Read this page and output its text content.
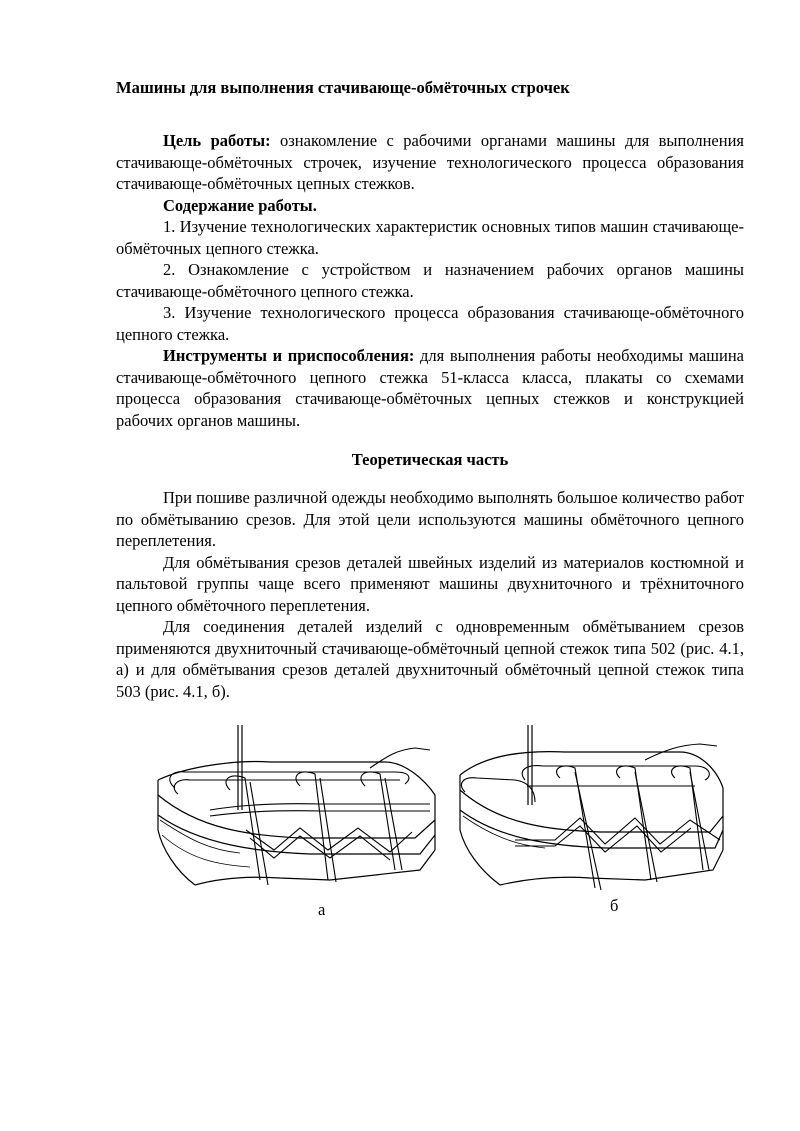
Машины для выполнения стачивающе-обмёточных строчек

Цель работы: ознакомление с рабочими органами машины для выполнения стачивающе-обмёточных строчек, изучение технологического процесса образования стачивающе-обмёточных цепных стежков.

Содержание работы.

1. Изучение технологических характеристик основных типов машин стачивающе-обмёточных цепного стежка.

2. Ознакомление с устройством и назначением рабочих органов машины стачивающе-обмёточного цепного стежка.

3. Изучение технологического процесса образования стачивающе-обмёточного цепного стежка.

Инструменты и приспособления: для выполнения работы необходимы машина стачивающе-обмёточного цепного стежка 51-класса класса, плакаты со схемами процесса образования стачивающе-обмёточных цепных стежков и конструкцией рабочих органов машины.

Теоретическая часть

При пошиве различной одежды необходимо выполнять большое количество работ по обмётыванию срезов. Для этой цели используются машины обмёточного цепного переплетения.

Для обмётывания срезов деталей швейных изделий из материалов костюмной и пальтовой группы чаще всего применяют машины двухниточного и трёхниточного цепного обмёточного переплетения.

Для соединения деталей изделий с одновременным обмётыванием срезов применяются двухниточный стачивающе-обмёточный цепной стежок типа 502 (рис. 4.1, а) и для обмётывания срезов деталей двухниточный обмёточный цепной стежок типа 503 (рис. 4.1, б).

а	б
